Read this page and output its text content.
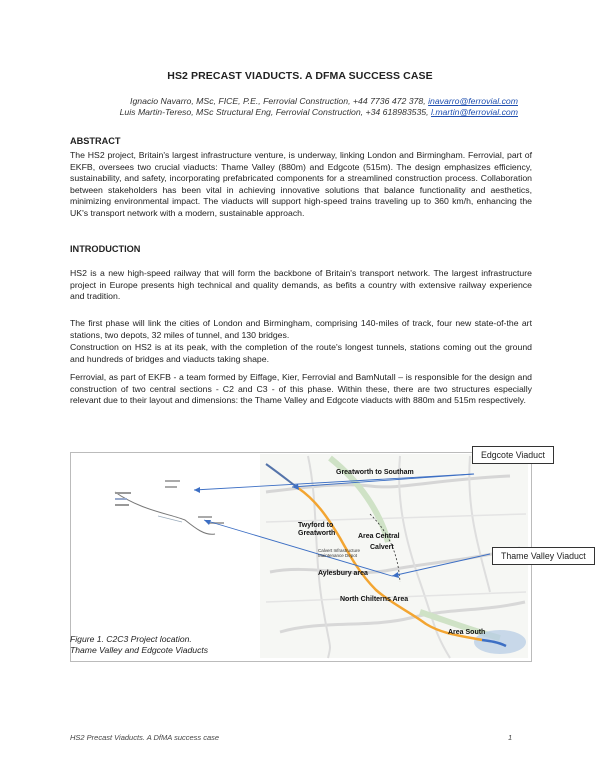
HS2 PRECAST VIADUCTS. A DFMA SUCCESS CASE
Ignacio Navarro, MSc, FICE, P.E., Ferrovial Construction, +44 7736 472 378, inavarro@ferrovial.com
Luis Martin-Tereso, MSc Structural Eng, Ferrovial Construction, +34 618983535, l.martin@ferrovial.com
ABSTRACT

The HS2 project, Britain's largest infrastructure venture, is underway, linking London and Birmingham. Ferrovial, part of EKFB, oversees two crucial viaducts: Thame Valley (880m) and Edgcote (515m). The design emphasizes efficiency, sustainability, and safety, incorporating prefabricated components for a streamlined construction process. Collaboration between stakeholders has been vital in achieving innovative solutions that balance functionality and aesthetics, minimizing environmental impact. The viaducts will support high-speed trains traveling up to 360 km/h, enhancing the UK's transport network with a modern, sustainable approach.

INTRODUCTION

HS2 is a new high-speed railway that will form the backbone of Britain's transport network. The largest infrastructure project in Europe presents high technical and quality demands, as befits a country with extensive railway experience and tradition.

The first phase will link the cities of London and Birmingham, comprising 140-miles of track, four new state-of-the art stations, two depots, 32 miles of tunnel, and 130 bridges.

Construction on HS2 is at its peak, with the completion of the route's longest tunnels, stations coming out the ground and hundreds of bridges and viaducts taking shape.

Ferrovial, as part of EKFB - a team formed by Eiffage, Kier, Ferrovial and BamNutall – is responsible for the design and construction of two central sections - C2 and C3 - of this phase. Within these, there are two structures especially relevant due to their layout and dimensions: the Thame Valley and Edgcote viaducts with 880m and 515m respectively.

Edgcote Viaduct
Thame Valley Viaduct
Greatworth to Southam
Twyford to Greatworth	Area Central
Calvert
Calvert Infrastructure Maintenance Depot
Aylesbury area
North Chilterns Area
Area South
Figure 1. C2C3 Project location.
Thame Valley and Edgcote Viaducts
HS2 Precast Viaducts. A DfMA success case	1
